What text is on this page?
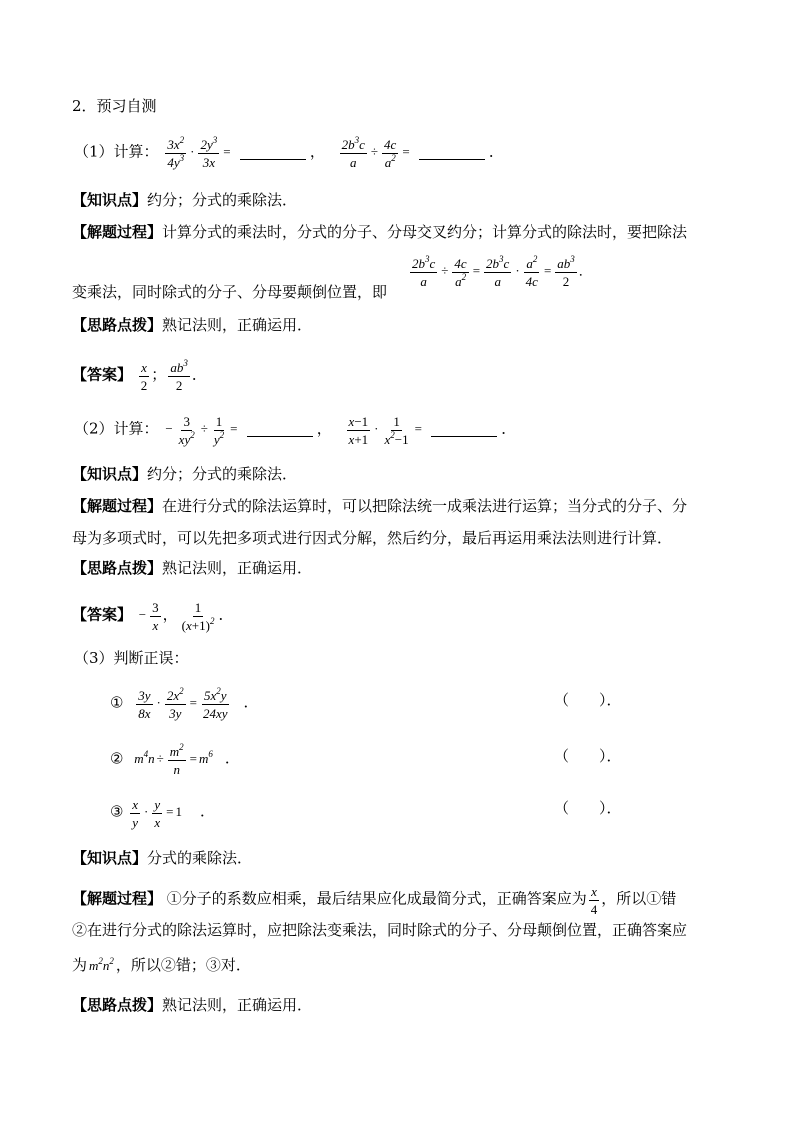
2．预习自测
（1）计算： $\frac{3x^2}{4y^3} \cdot \frac{2y^3}{3x}$ =	， $\frac{2b^3c}{a} \div \frac{4c}{a^2}$ =	．
【知识点】约分；分式的乘除法．
【解题过程】计算分式的乘法时，分式的分子、分母交叉约分；计算分式的除法时，要把除法
变乘法，同时除式的分子、分母要颠倒位置，即
$\frac{2b^3c}{a} \div \frac{4c}{a^2} = \frac{2b^3c}{a} \cdot \frac{a^2}{4c} = \frac{ab^3}{2}$ ．
【思路点拨】熟记法则，正确运用．
【答案】 $\frac{x}{2}$ ； $\frac{ab^3}{2}$ ．
（2）计算： − $\frac{3}{xy^2} \div \frac{1}{y^2}$ =	， $\frac{x-1}{x+1} \cdot \frac{1}{x^2-1}$ =	．
【知识点】约分；分式的乘除法．
【解题过程】在进行分式的除法运算时，可以把除法统一成乘法进行运算；当分式的分子、分
母为多项式时，可以先把多项式进行因式分解，然后约分，最后再运用乘法法则进行计算．
【思路点拨】熟记法则，正确运用．
【答案】 − $\frac{3}{x}$ ， $\frac{1}{(x+1)^2}$ ．
（3）判断正误：
① $\frac{3y}{8x} \cdot \frac{2x^2}{3y} = \frac{5x^2y}{24xy}$ ．	（　　）．
② $m^4n \div \frac{m^2}{n} = m^6$ ．	（　　）．
③ $\frac{x}{y} \cdot \frac{y}{x} = 1$ ．	（　　）．
【知识点】分式的乘除法．
【解题过程】 ①分子的系数应相乘，最后结果应化成最简分式，正确答案应为 $\frac{x}{4}$ ，所以①错
②在进行分式的除法运算时，应把除法变乘法，同时除式的分子、分母颠倒位置，正确答案应
为 $m^2n^2$ ，所以②错；③对．
【思路点拨】熟记法则，正确运用．
